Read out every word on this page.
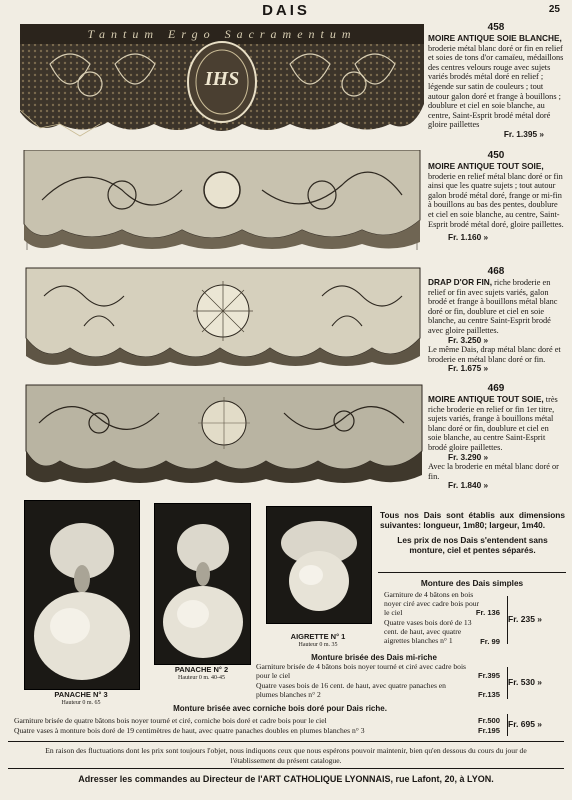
DAIS	25
Tantum Ergo Sacramentum
IHS
458
MOIRE ANTIQUE SOIE BLANCHE, broderie métal blanc doré or fin en relief et soies de tons d'or camaïeu, médaillons des centres velours rouge avec sujets variés brodés métal doré en relief ; légende sur satin de couleurs ; tout autour galon doré et frange à bouillons ; doublure et ciel en soie blanche, au centre, Saint-Esprit brodé métal doré gloire paillettes
Fr. 1.395 »
450
MOIRE ANTIQUE TOUT SOIE, broderie en relief métal blanc doré or fin ainsi que les quatre sujets ; tout autour galon brodé métal doré, frange or mi-fin à bouillons au bas des pentes, doublure et ciel en soie blanche, au centre, Saint-Esprit brodé métal doré, gloire paillettes.
Fr. 1.160 »
468
DRAP D'OR FIN, riche broderie en relief or fin avec sujets variés, galon brodé et frange à bouillons métal blanc doré or fin, doublure et ciel en soie blanche, au centre Saint-Esprit brodé avec gloire paillettes.
Fr. 3.250 »
Le même Dais, drap métal blanc doré et broderie en métal blanc doré or fin.
Fr. 1.675 »
469
MOIRE ANTIQUE TOUT SOIE, très riche broderie en relief or fin 1er titre, sujets variés, frange à bouillons métal blanc doré or fin, doublure et ciel en soie blanche, au centre Saint-Esprit brodé gloire paillettes.
Fr. 3.290 »
Avec la broderie en métal blanc doré or fin.
Fr. 1.840 »
PANACHE N° 3
Hauteur 0 m. 65
PANACHE N° 2
Hauteur 0 m. 40-45
AIGRETTE N° 1
Hauteur 0 m. 35
Tous nos Dais sont établis aux dimensions suivantes: longueur, 1m80; largeur, 1m40.
Les prix de nos Dais s'entendent sans monture, ciel et pentes séparés.
Monture des Dais simples
Garniture de 4 bâtons en bois noyer ciré avec cadre bois pour le ciel	Fr. 136
Quatre vases bois doré de 13 cent. de haut, avec quatre aigrettes blanches n° 1	Fr. 99
Fr. 235 »
Monture brisée des Dais mi-riche
Garniture brisée de 4 bâtons bois noyer tourné et ciré avec cadre bois pour le ciel	Fr.395
Quatre vases bois de 16 cent. de haut, avec quatre panaches en plumes blanches n° 2	Fr.135
Fr. 530 »
Monture brisée avec corniche bois doré pour Dais riche.
Garniture brisée de quatre bâtons bois noyer tourné et ciré, corniche bois doré et cadre bois pour le ciel	Fr.500
Quatre vases à monture bois doré de 19 centimètres de haut, avec quatre panaches doubles en plumes blanches n° 3	Fr.195
Fr. 695 »
En raison des fluctuations dont les prix sont toujours l'objet, nous indiquons ceux que nous espérons pouvoir maintenir, bien qu'en dessous du cours du jour de l'établissement du présent catalogue.
Adresser les commandes au Directeur de l'ART CATHOLIQUE LYONNAIS, rue Lafont, 20, à LYON.
